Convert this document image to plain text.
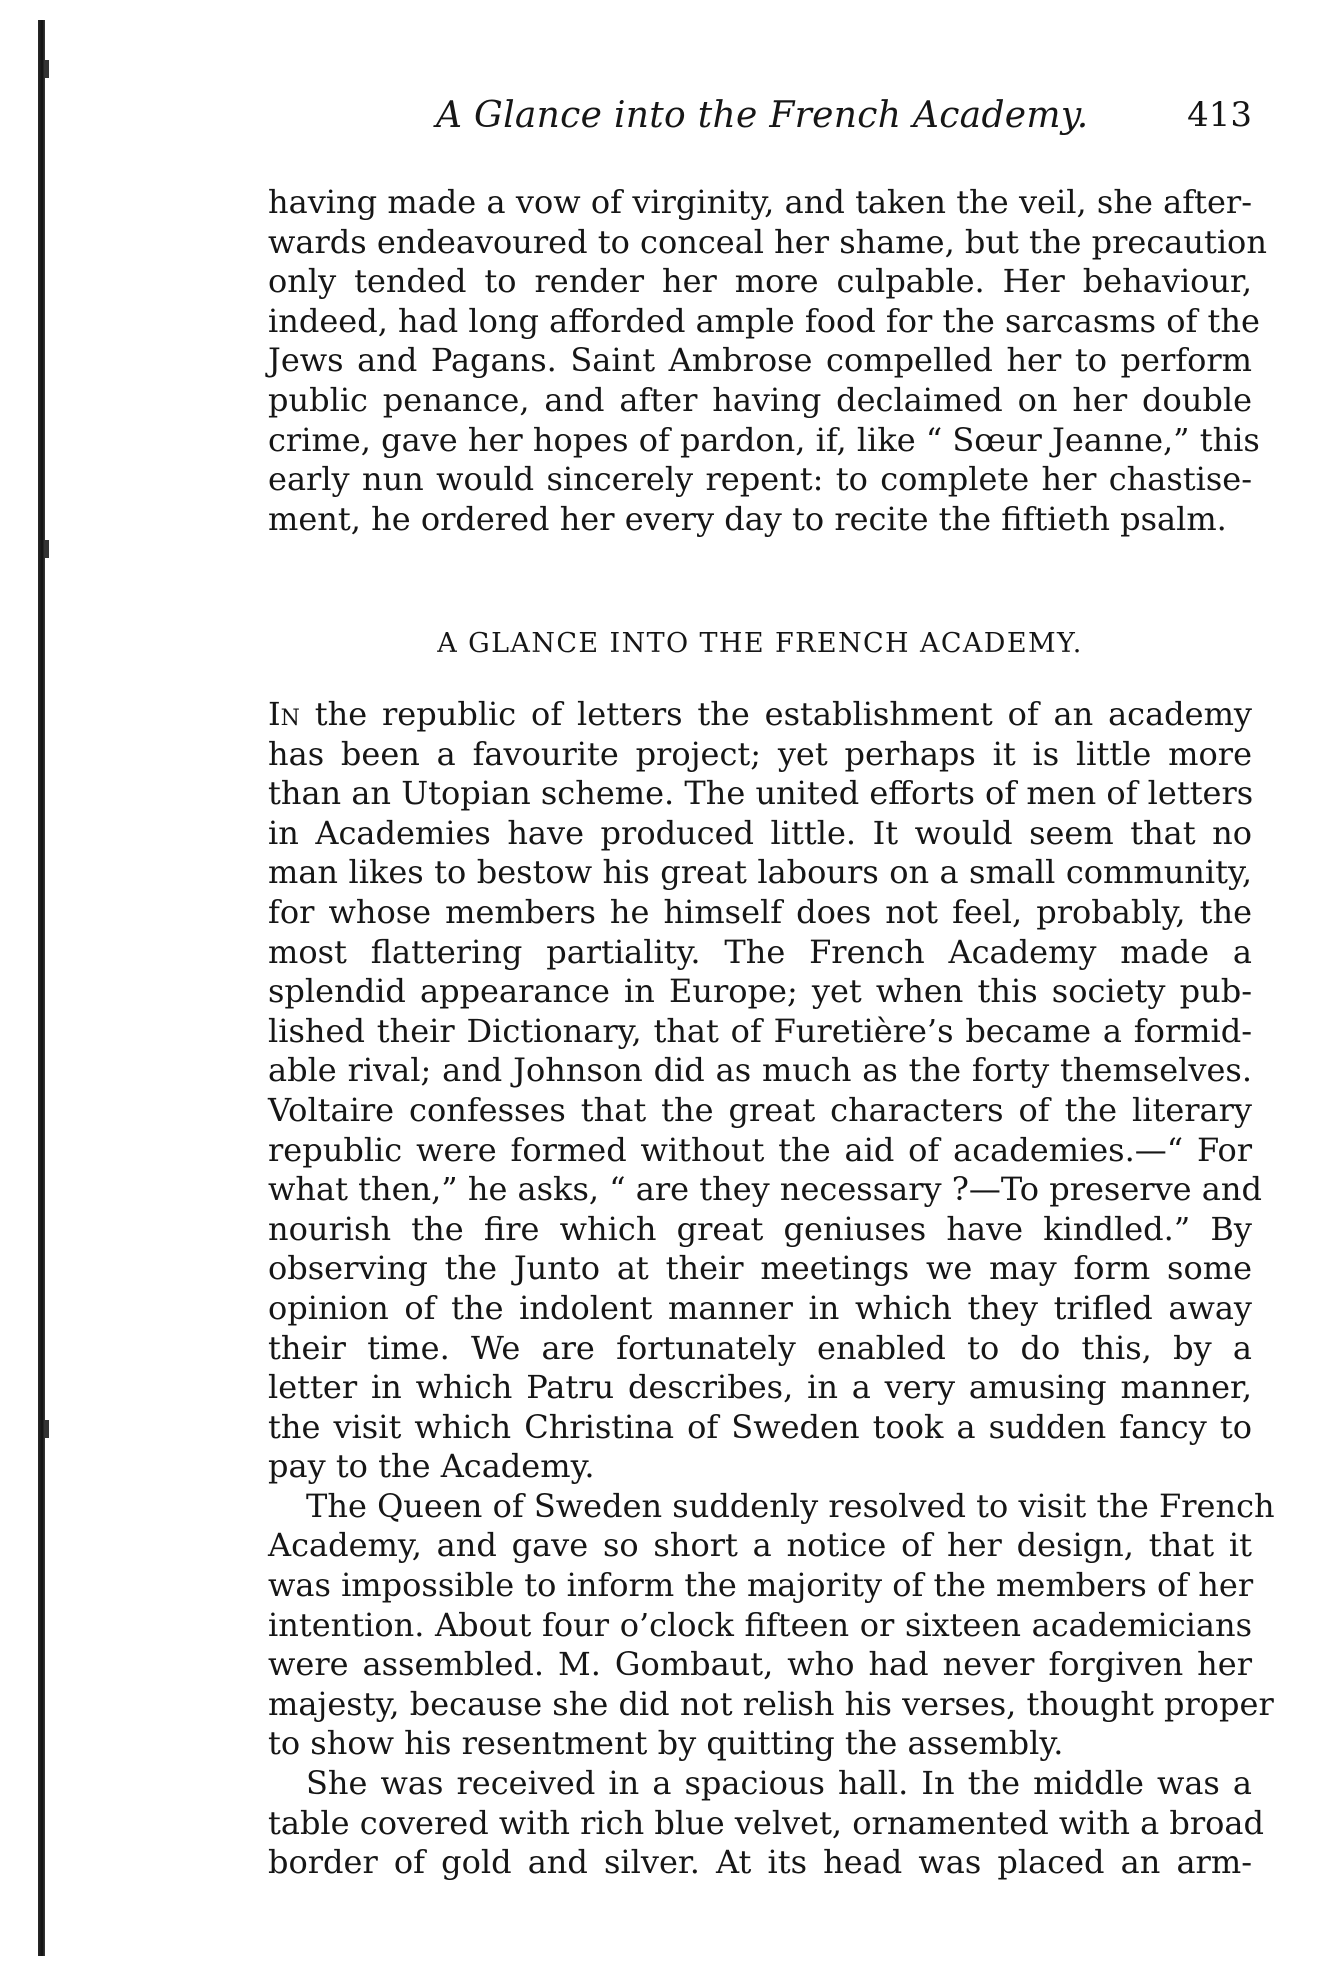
A Glance into the French Academy.	413
having made a vow of virginity, and taken the veil, she after-
wards endeavoured to conceal her shame, but the precaution
only tended to render her more culpable. Her behaviour,
indeed, had long afforded ample food for the sarcasms of the
Jews and Pagans. Saint Ambrose compelled her to perform
public penance, and after having declaimed on her double
crime, gave her hopes of pardon, if, like “ Sœur Jeanne,” this
early nun would sincerely repent: to complete her chastise-
ment, he ordered her every day to recite the fiftieth psalm.
A GLANCE INTO THE FRENCH ACADEMY.
In the republic of letters the establishment of an academy
has been a favourite project; yet perhaps it is little more
than an Utopian scheme. The united efforts of men of letters
in Academies have produced little. It would seem that no
man likes to bestow his great labours on a small community,
for whose members he himself does not feel, probably, the
most flattering partiality. The French Academy made a
splendid appearance in Europe; yet when this society pub-
lished their Dictionary, that of Furetière’s became a formid-
able rival; and Johnson did as much as the forty themselves.
Voltaire confesses that the great characters of the literary
republic were formed without the aid of academies.—“ For
what then,” he asks, “ are they necessary ?—To preserve and
nourish the fire which great geniuses have kindled.” By
observing the Junto at their meetings we may form some
opinion of the indolent manner in which they trifled away
their time. We are fortunately enabled to do this, by a
letter in which Patru describes, in a very amusing manner,
the visit which Christina of Sweden took a sudden fancy to
pay to the Academy.
The Queen of Sweden suddenly resolved to visit the French
Academy, and gave so short a notice of her design, that it
was impossible to inform the majority of the members of her
intention. About four o’clock fifteen or sixteen academicians
were assembled. M. Gombaut, who had never forgiven her
majesty, because she did not relish his verses, thought proper
to show his resentment by quitting the assembly.
She was received in a spacious hall. In the middle was a
table covered with rich blue velvet, ornamented with a broad
border of gold and silver. At its head was placed an arm-
